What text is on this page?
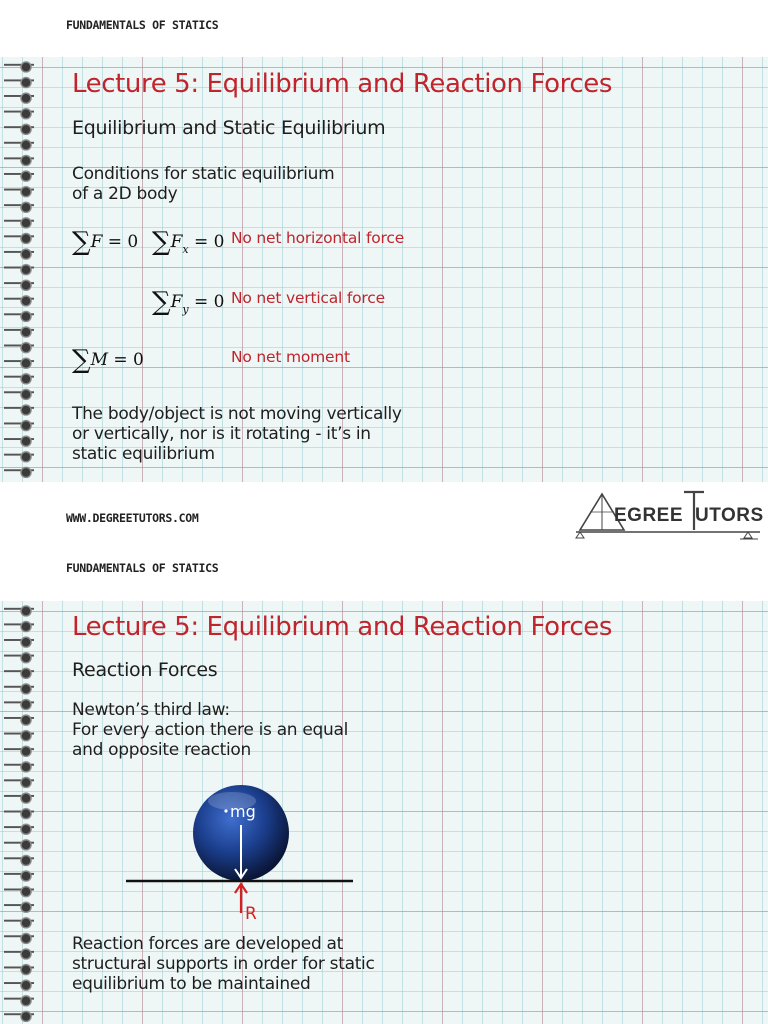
FUNDAMENTALS OF STATICS
Lecture 5: Equilibrium and Reaction Forces
Equilibrium and Static Equilibrium
Conditions for static equilibrium
of a 2D body
∑F = 0 $\sum F_x = 0$ No net horizontal force
$\sum F_y = 0$ No net vertical force
∑M = 0	No net moment
The body/object is not moving vertically
or vertically, nor is it rotating - it’s in
static equilibrium
WWW.DEGREETUTORS.COM	EGREE UTORS
FUNDAMENTALS OF STATICS
Lecture 5: Equilibrium and Reaction Forces
Reaction Forces
Newton’s third law:
For every action there is an equal
and opposite reaction
mg
R
Reaction forces are developed at
structural supports in order for static
equilibrium to be maintained
